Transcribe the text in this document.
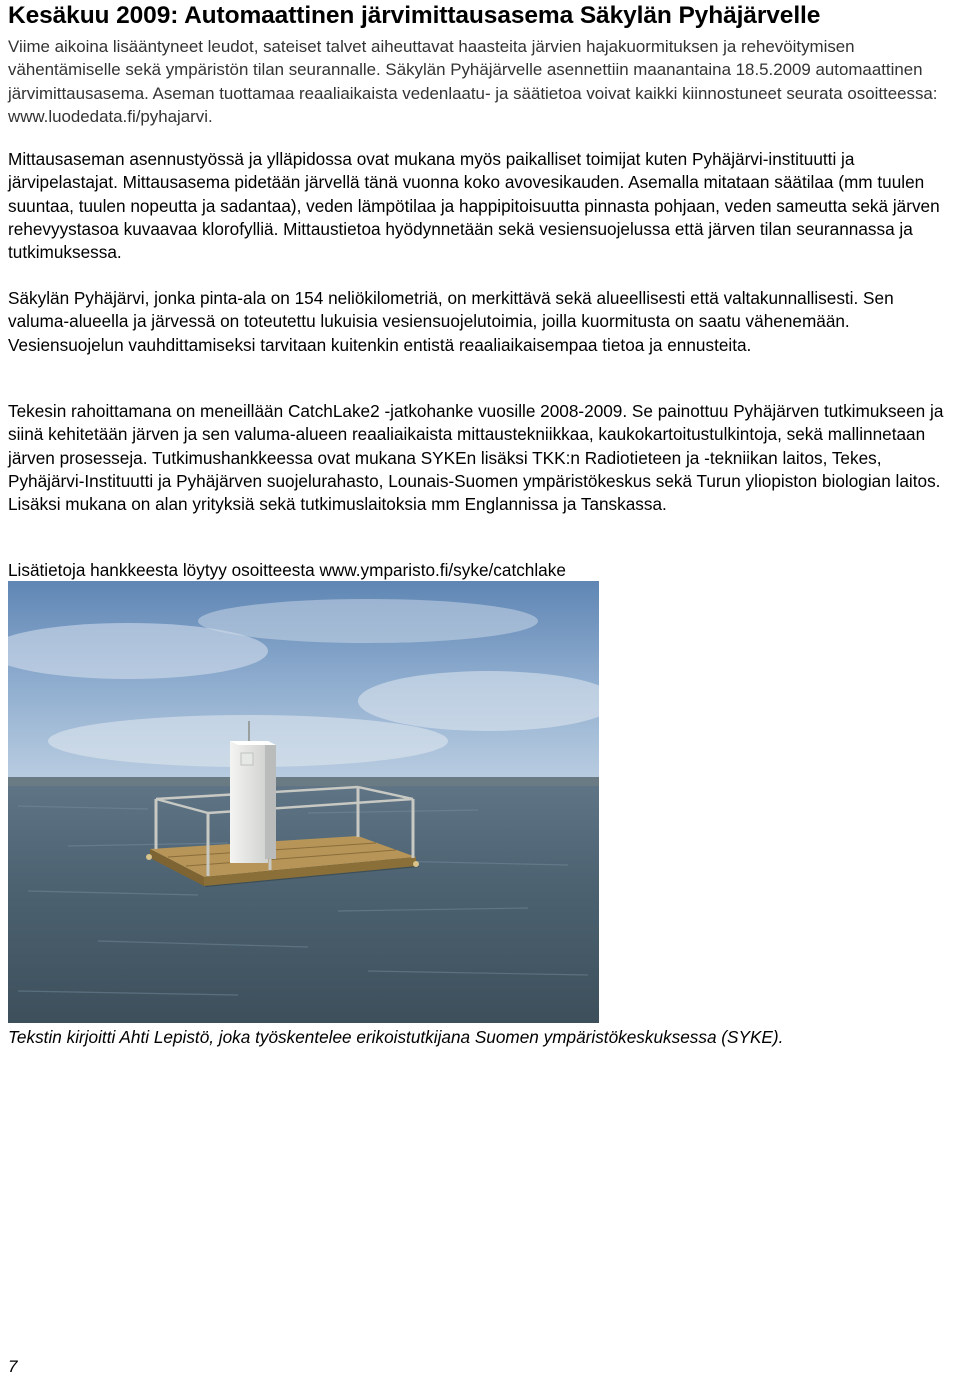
Kesäkuu 2009: Automaattinen järvimittausasema Säkylän Pyhäjärvelle

Viime aikoina lisääntyneet leudot, sateiset talvet aiheuttavat haasteita järvien hajakuormituksen ja rehevöitymisen vähentämiselle sekä ympäristön tilan seurannalle. Säkylän Pyhäjärvelle asennettiin maanantaina 18.5.2009 automaattinen järvimittausasema. Aseman tuottamaa reaaliaikaista vedenlaatu- ja säätietoa voivat kaikki kiinnostuneet seurata osoitteessa: www.luodedata.fi/pyhajarvi.

Mittausaseman asennustyössä ja ylläpidossa ovat mukana myös paikalliset toimijat kuten Pyhäjärvi-instituutti ja järvipelastajat. Mittausasema pidetään järvellä tänä vuonna koko avovesikauden. Asemalla mitataan säätilaa (mm tuulen suuntaa, tuulen nopeutta ja sadantaa), veden lämpötilaa ja happipitoisuutta pinnasta pohjaan, veden sameutta sekä järven rehevyystasoa kuvaavaa klorofylliä. Mittaustietoa hyödynnetään sekä vesiensuojelussa että järven tilan seurannassa ja tutkimuksessa.

Säkylän Pyhäjärvi, jonka pinta-ala on 154 neliökilometriä, on merkittävä sekä alueellisesti että valtakunnallisesti. Sen valuma-alueella ja järvessä on toteutettu lukuisia vesiensuojelutoimia, joilla kuormitusta on saatu vähenemään. Vesiensuojelun vauhdittamiseksi tarvitaan kuitenkin entistä reaaliaikaisempaa tietoa ja ennusteita.

Tekesin rahoittamana on meneillään CatchLake2 -jatkohanke vuosille 2008-2009. Se painottuu Pyhäjärven tutkimukseen ja siinä kehitetään järven ja sen valuma-alueen reaaliaikaista mittaustekniikkaa, kaukokartoitustulkintoja, sekä mallinnetaan järven prosesseja. Tutkimushankkeessa ovat mukana SYKEn lisäksi TKK:n Radiotieteen ja -tekniikan laitos, Tekes, Pyhäjärvi-Instituutti ja Pyhäjärven suojelurahasto, Lounais-Suomen ympäristökeskus sekä Turun yliopiston biologian laitos. Lisäksi mukana on alan yrityksiä sekä tutkimuslaitoksia mm Englannissa ja Tanskassa.

Lisätietoja hankkeesta löytyy osoitteesta www.ymparisto.fi/syke/catchlake

Tekstin kirjoitti Ahti Lepistö, joka työskentelee erikoistutkijana Suomen ympäristökeskuksessa (SYKE).
7
